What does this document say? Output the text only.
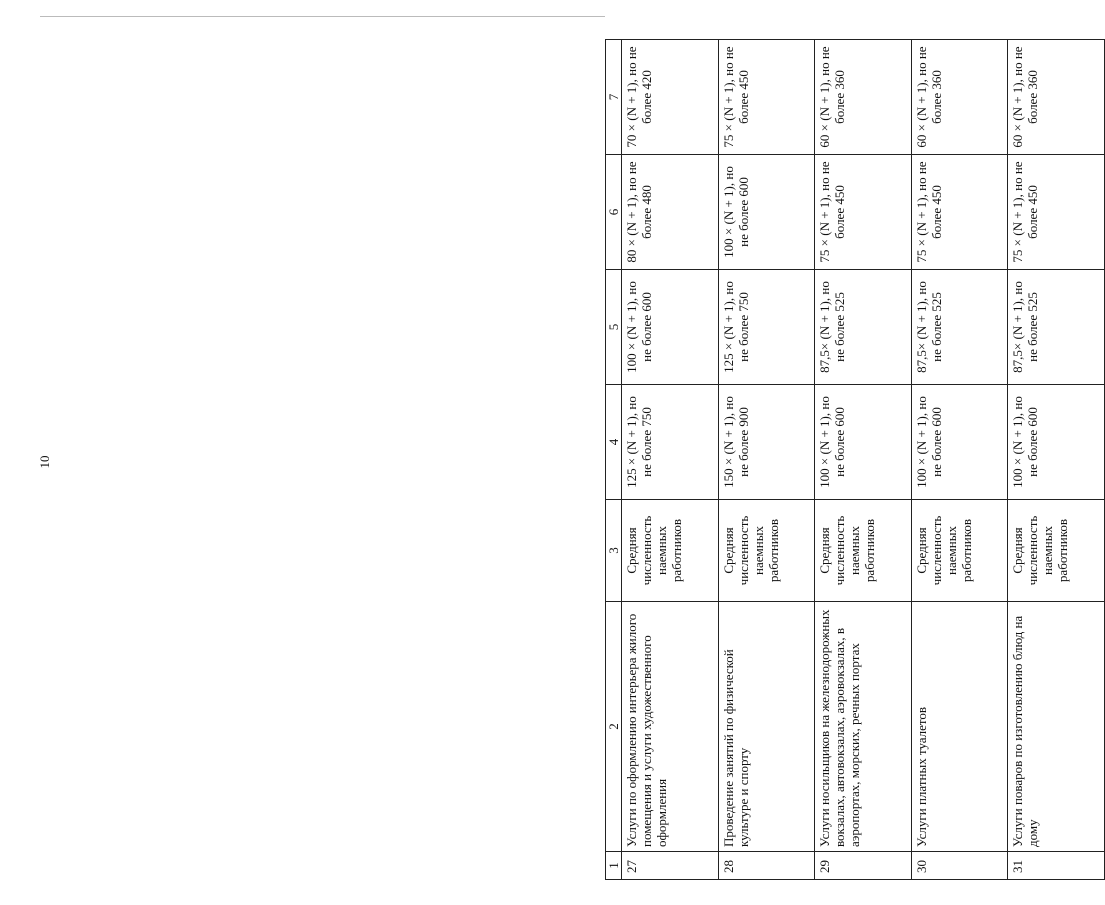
10
1	2	3	4	5	6	7
27	Услуги по оформлению интерьера жилого помещения и услуги художественного оформления	Средняя численность наемных работников	125 × (N + 1), но не более 750	100 × (N + 1), но не более 600	80 × (N + 1), но не более 480	70 × (N + 1), но не более 420
28	Проведение занятий по физической культуре и спорту	Средняя численность наемных работников	150 × (N + 1), но не более 900	125 × (N + 1), но не более 750	100 × (N + 1), но не более 600	75 × (N + 1), но не более 450
29	Услуги носильщиков на железнодорожных вокзалах, автовокзалах, аэровокзалах, в аэропортах, морских, речных портах	Средняя численность наемных работников	100 × (N + 1), но не более 600	87,5× (N + 1), но не более 525	75 × (N + 1), но не более 450	60 × (N + 1), но не более 360
30	Услуги платных туалетов	Средняя численность наемных работников	100 × (N + 1), но не более 600	87,5× (N + 1), но не более 525	75 × (N + 1), но не более 450	60 × (N + 1), но не более 360
31	Услуги поваров по изготовлению блюд на дому	Средняя численность наемных работников	100 × (N + 1), но не более 600	87,5× (N + 1), но не более 525	75 × (N + 1), но не более 450	60 × (N + 1), но не более 360
